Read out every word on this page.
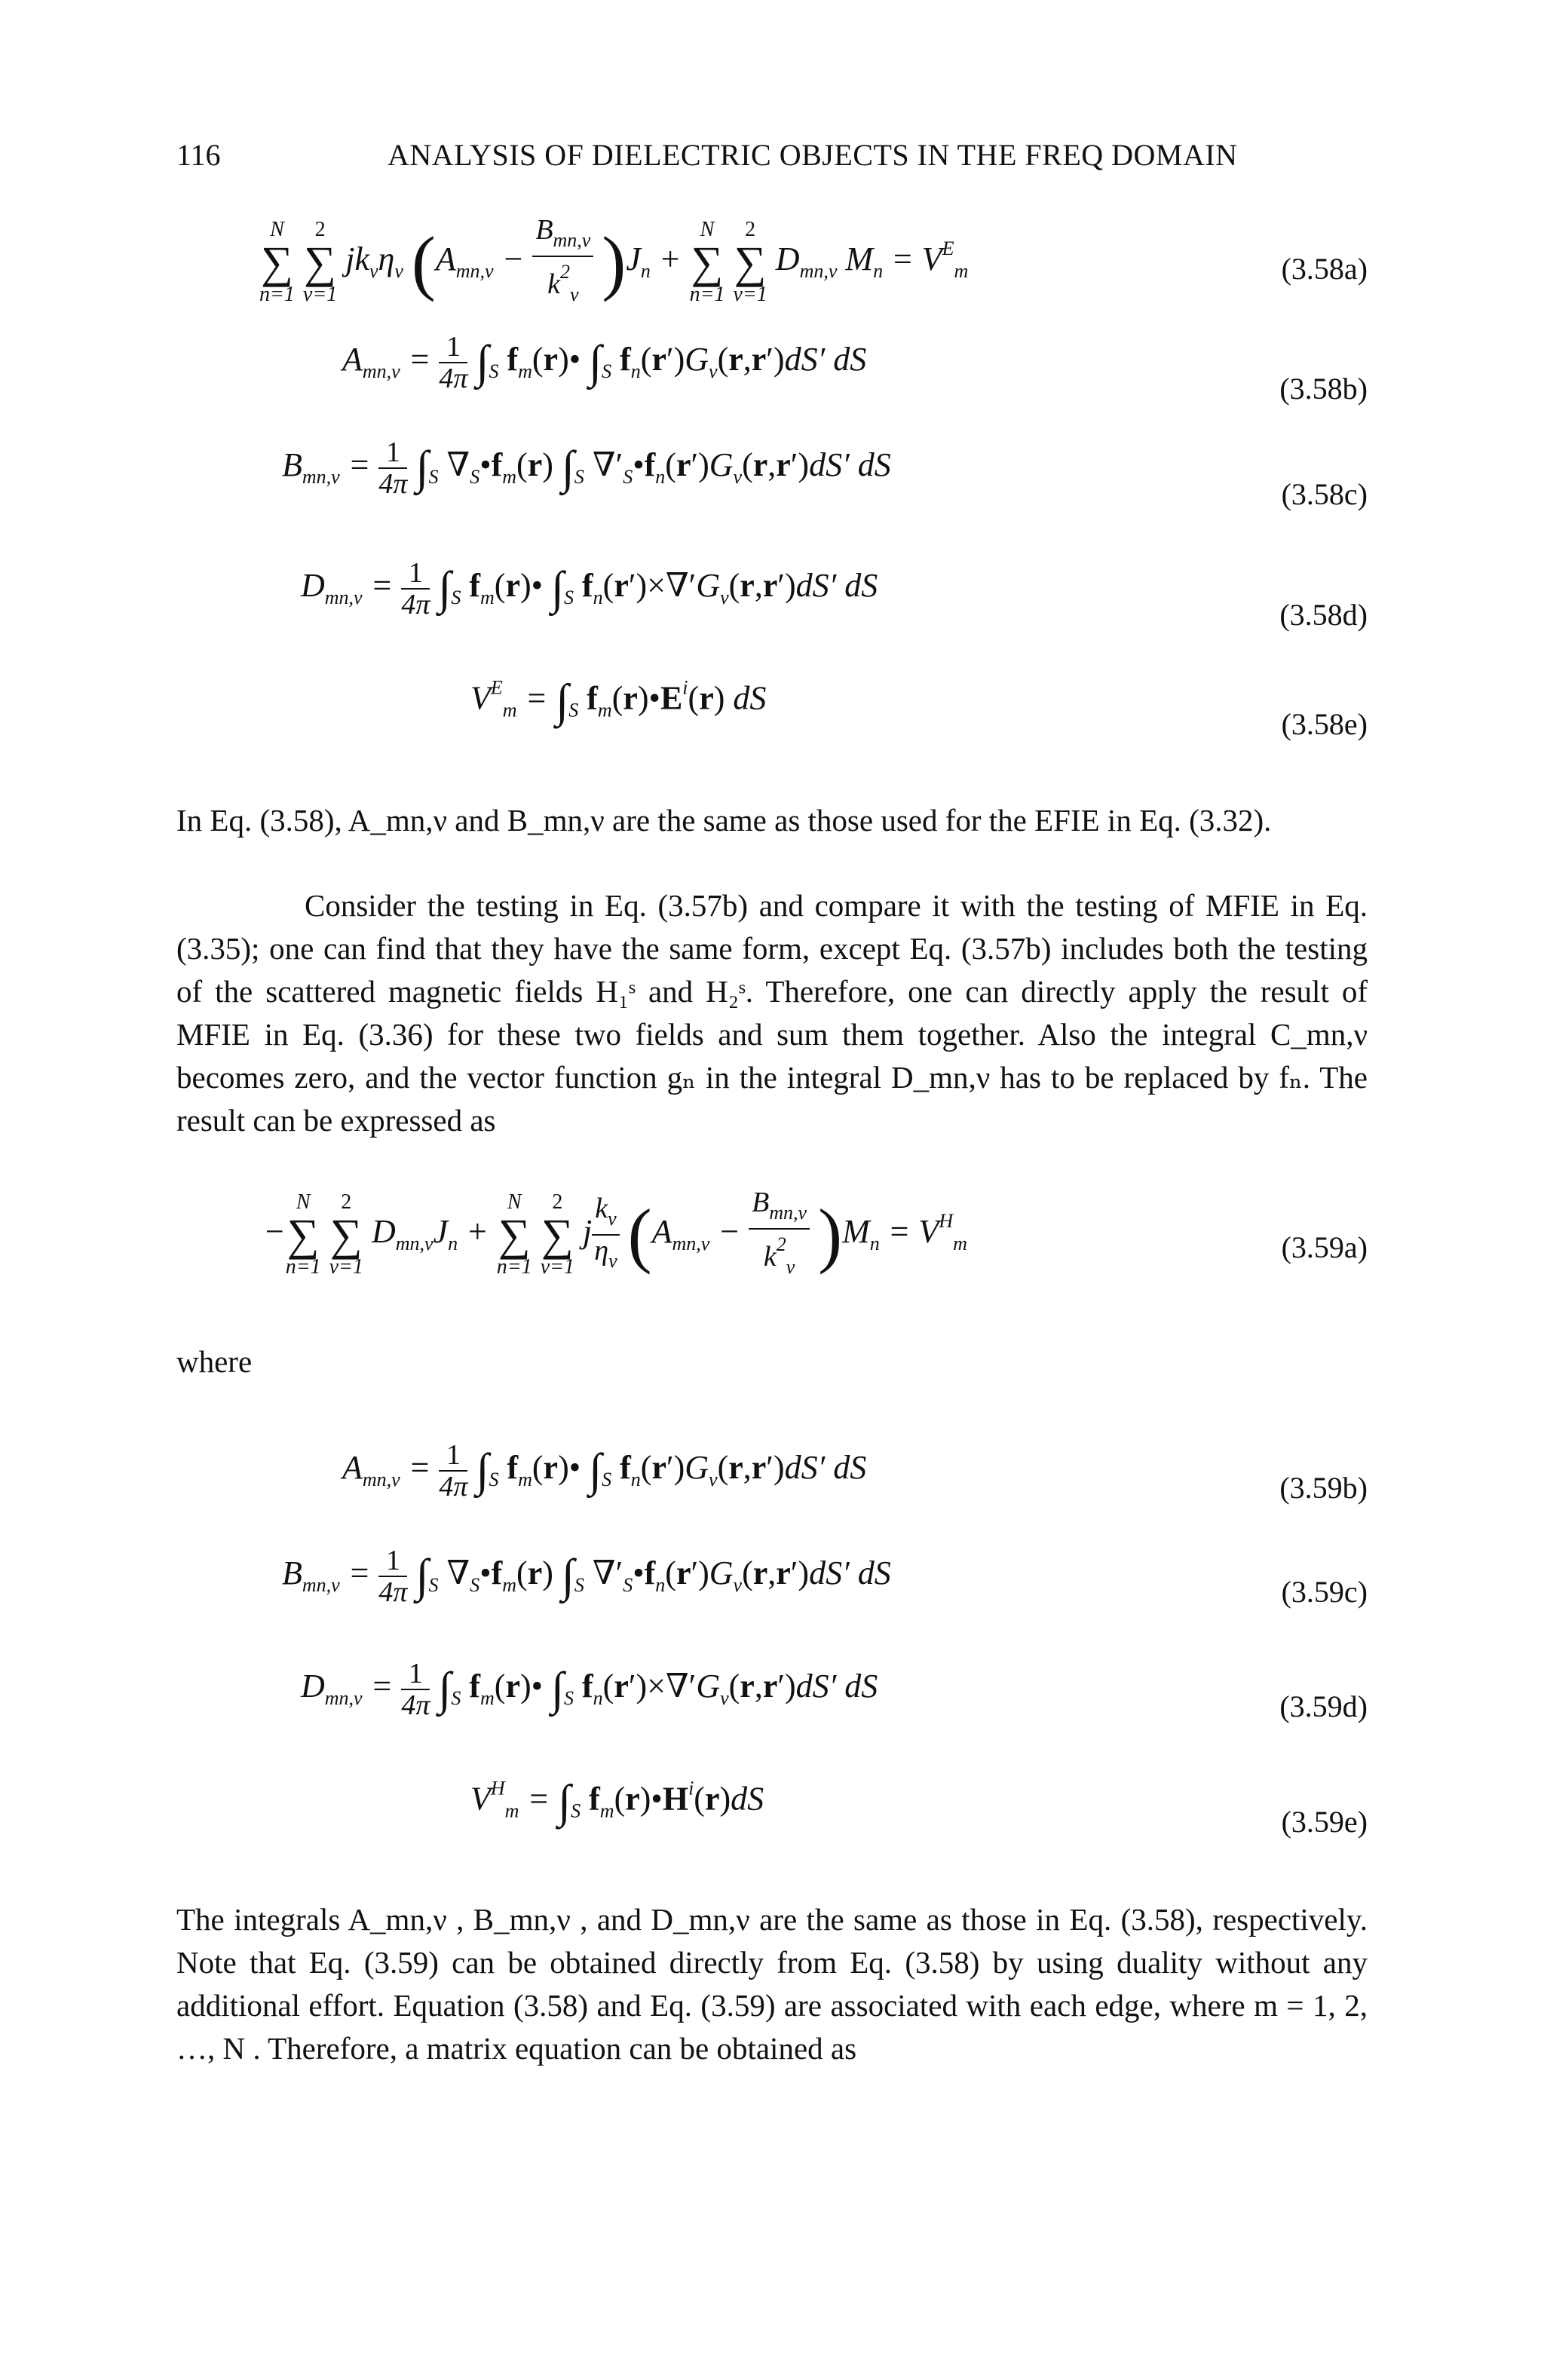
116	ANALYSIS OF DIELECTRIC OBJECTS IN THE FREQ DOMAIN
N
∑
n=1

2
∑
ν=1
$jk_\nu\eta_\nu$ $(A_{mn,\nu} - \frac{B_{mn,\nu}}{k^2_\nu} )J_n$ +
N
∑
n=1

2
∑
ν=1
$D_{mn,\nu}$ $M_n = V^E_m$	(3.58a)
$A_{mn,\nu} = \frac{1}{4\pi} \int_S$ $f_m(r)•$ $\int_S$ $f_n(r')G_\nu(r,r')dS'$ dS
(3.58b)
$B_{mn,\nu} = \frac{1}{4\pi} \int_S$ $\nabla_S•f_m(r)$ $\int_S$ $\nabla'_S•f_n(r')G_\nu(r,r')dS'$ dS
(3.58c)
$D_{mn,\nu} = \frac{1}{4\pi} \int_S$ $f_m(r)•$ $\int_S$ $f_n(r')\times\nabla'G_\nu(r,r')dS'$ dS
(3.58d)
$V^E_m = \int_S$ $f_m(r)•E^i(r)$ dS
(3.58e)

In Eq. (3.58), A_mn,ν and B_mn,ν are the same as those used for the EFIE in Eq. (3.32).

Consider the testing in Eq. (3.57b) and compare it with the testing of MFIE in Eq. (3.35); one can find that they have the same form, except Eq. (3.57b) includes both the testing of the scattered magnetic fields H₁ˢ and H₂ˢ. Therefore, one can directly apply the result of MFIE in Eq. (3.36) for these two fields and sum them together. Also the integral C_mn,ν becomes zero, and the vector function gₙ in the integral D_mn,ν has to be replaced by fₙ. The result can be expressed as

−
N
∑
n=1

2
∑
ν=1
$D_{mn,\nu}J_n$ +
N
∑
n=1

2
∑
ν=1
j $\frac{k_\nu}{\eta_\nu} (A_{mn,\nu} - \frac{B_{mn,\nu}}{k^2_\nu} )M_n = V^H_m$	(3.59a)
where
$A_{mn,\nu} = \frac{1}{4\pi} \int_S$ $f_m(r)•$ $\int_S$ $f_n(r')G_\nu(r,r')dS'$ dS
(3.59b)
$B_{mn,\nu} = \frac{1}{4\pi} \int_S$ $\nabla_S•f_m(r)$ $\int_S$ $\nabla'_S•f_n(r')G_\nu(r,r')dS'$ dS
(3.59c)
$D_{mn,\nu} = \frac{1}{4\pi} \int_S$ $f_m(r)•$ $\int_S$ $f_n(r')\times\nabla'G_\nu(r,r')dS'$ dS
(3.59d)
$V^H_m = \int_S$ $f_m(r)•H^i(r)dS$
(3.59e)

The integrals A_mn,ν , B_mn,ν , and D_mn,ν are the same as those in Eq. (3.58), respectively. Note that Eq. (3.59) can be obtained directly from Eq. (3.58) by using duality without any additional effort. Equation (3.58) and Eq. (3.59) are associated with each edge, where m = 1, 2, …, N . Therefore, a matrix equation can be obtained as
